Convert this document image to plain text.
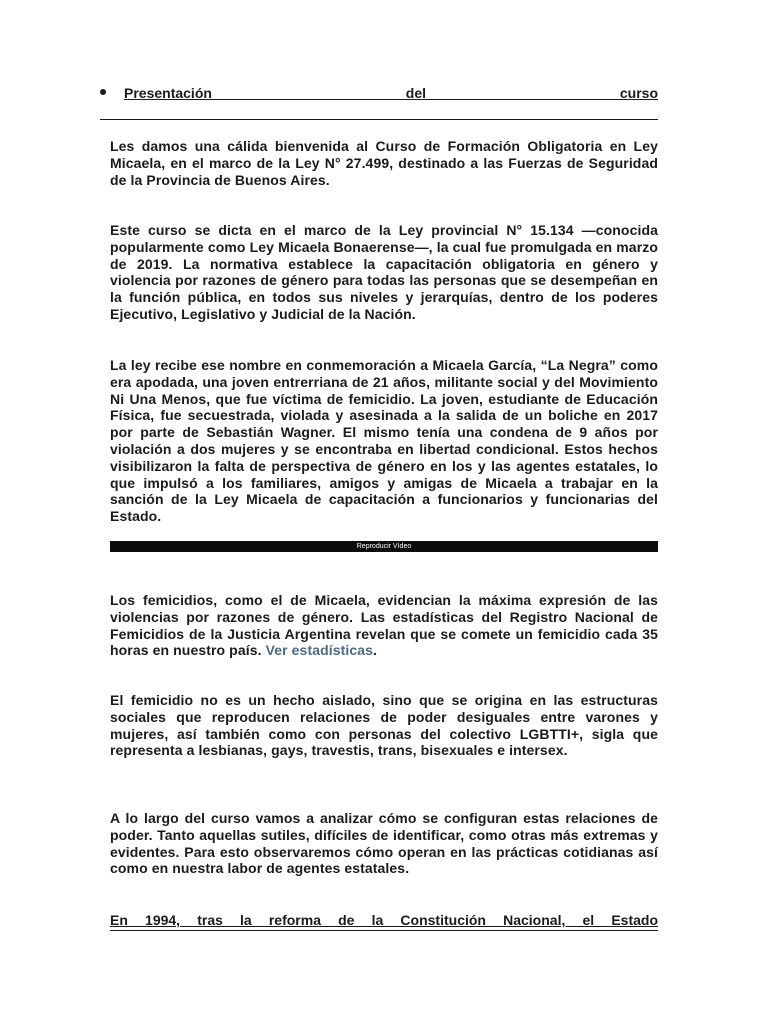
Presentación del curso

Les damos una cálida bienvenida al Curso de Formación Obligatoria en Ley Micaela, en el marco de la Ley N° 27.499, destinado a las Fuerzas de Seguridad de la Provincia de Buenos Aires.

Este curso se dicta en el marco de la Ley provincial N° 15.134 —conocida popularmente como Ley Micaela Bonaerense—, la cual fue promulgada en marzo de 2019. La normativa establece la capacitación obligatoria en género y violencia por razones de género para todas las personas que se desempeñan en la función pública, en todos sus niveles y jerarquías, dentro de los poderes Ejecutivo, Legislativo y Judicial de la Nación.

La ley recibe ese nombre en conmemoración a Micaela García, “La Negra” como era apodada, una joven entrerriana de 21 años, militante social y del Movimiento Ni Una Menos, que fue víctima de femicidio. La joven, estudiante de Educación Física, fue secuestrada, violada y asesinada a la salida de un boliche en 2017 por parte de Sebastián Wagner. El mismo tenía una condena de 9 años por violación a dos mujeres y se encontraba en libertad condicional. Estos hechos visibilizaron la falta de perspectiva de género en los y las agentes estatales, lo que impulsó a los familiares, amigos y amigas de Micaela a trabajar en la sanción de la Ley Micaela de capacitación a funcionarios y funcionarias del Estado.

Reproducir Vídeo

Los femicidios, como el de Micaela, evidencian la máxima expresión de las violencias por razones de género. Las estadísticas del Registro Nacional de Femicidios de la Justicia Argentina revelan que se comete un femicidio cada 35 horas en nuestro país. Ver estadísticas.

El femicidio no es un hecho aislado, sino que se origina en las estructuras sociales que reproducen relaciones de poder desiguales entre varones y mujeres, así también como con personas del colectivo LGBTTI+, sigla que representa a lesbianas, gays, travestis, trans, bisexuales e intersex.

A lo largo del curso vamos a analizar cómo se configuran estas relaciones de poder. Tanto aquellas sutiles, difíciles de identificar, como otras más extremas y evidentes. Para esto observaremos cómo operan en las prácticas cotidianas así como en nuestra labor de agentes estatales.

En 1994, tras la reforma de la Constitución Nacional, el Estado
